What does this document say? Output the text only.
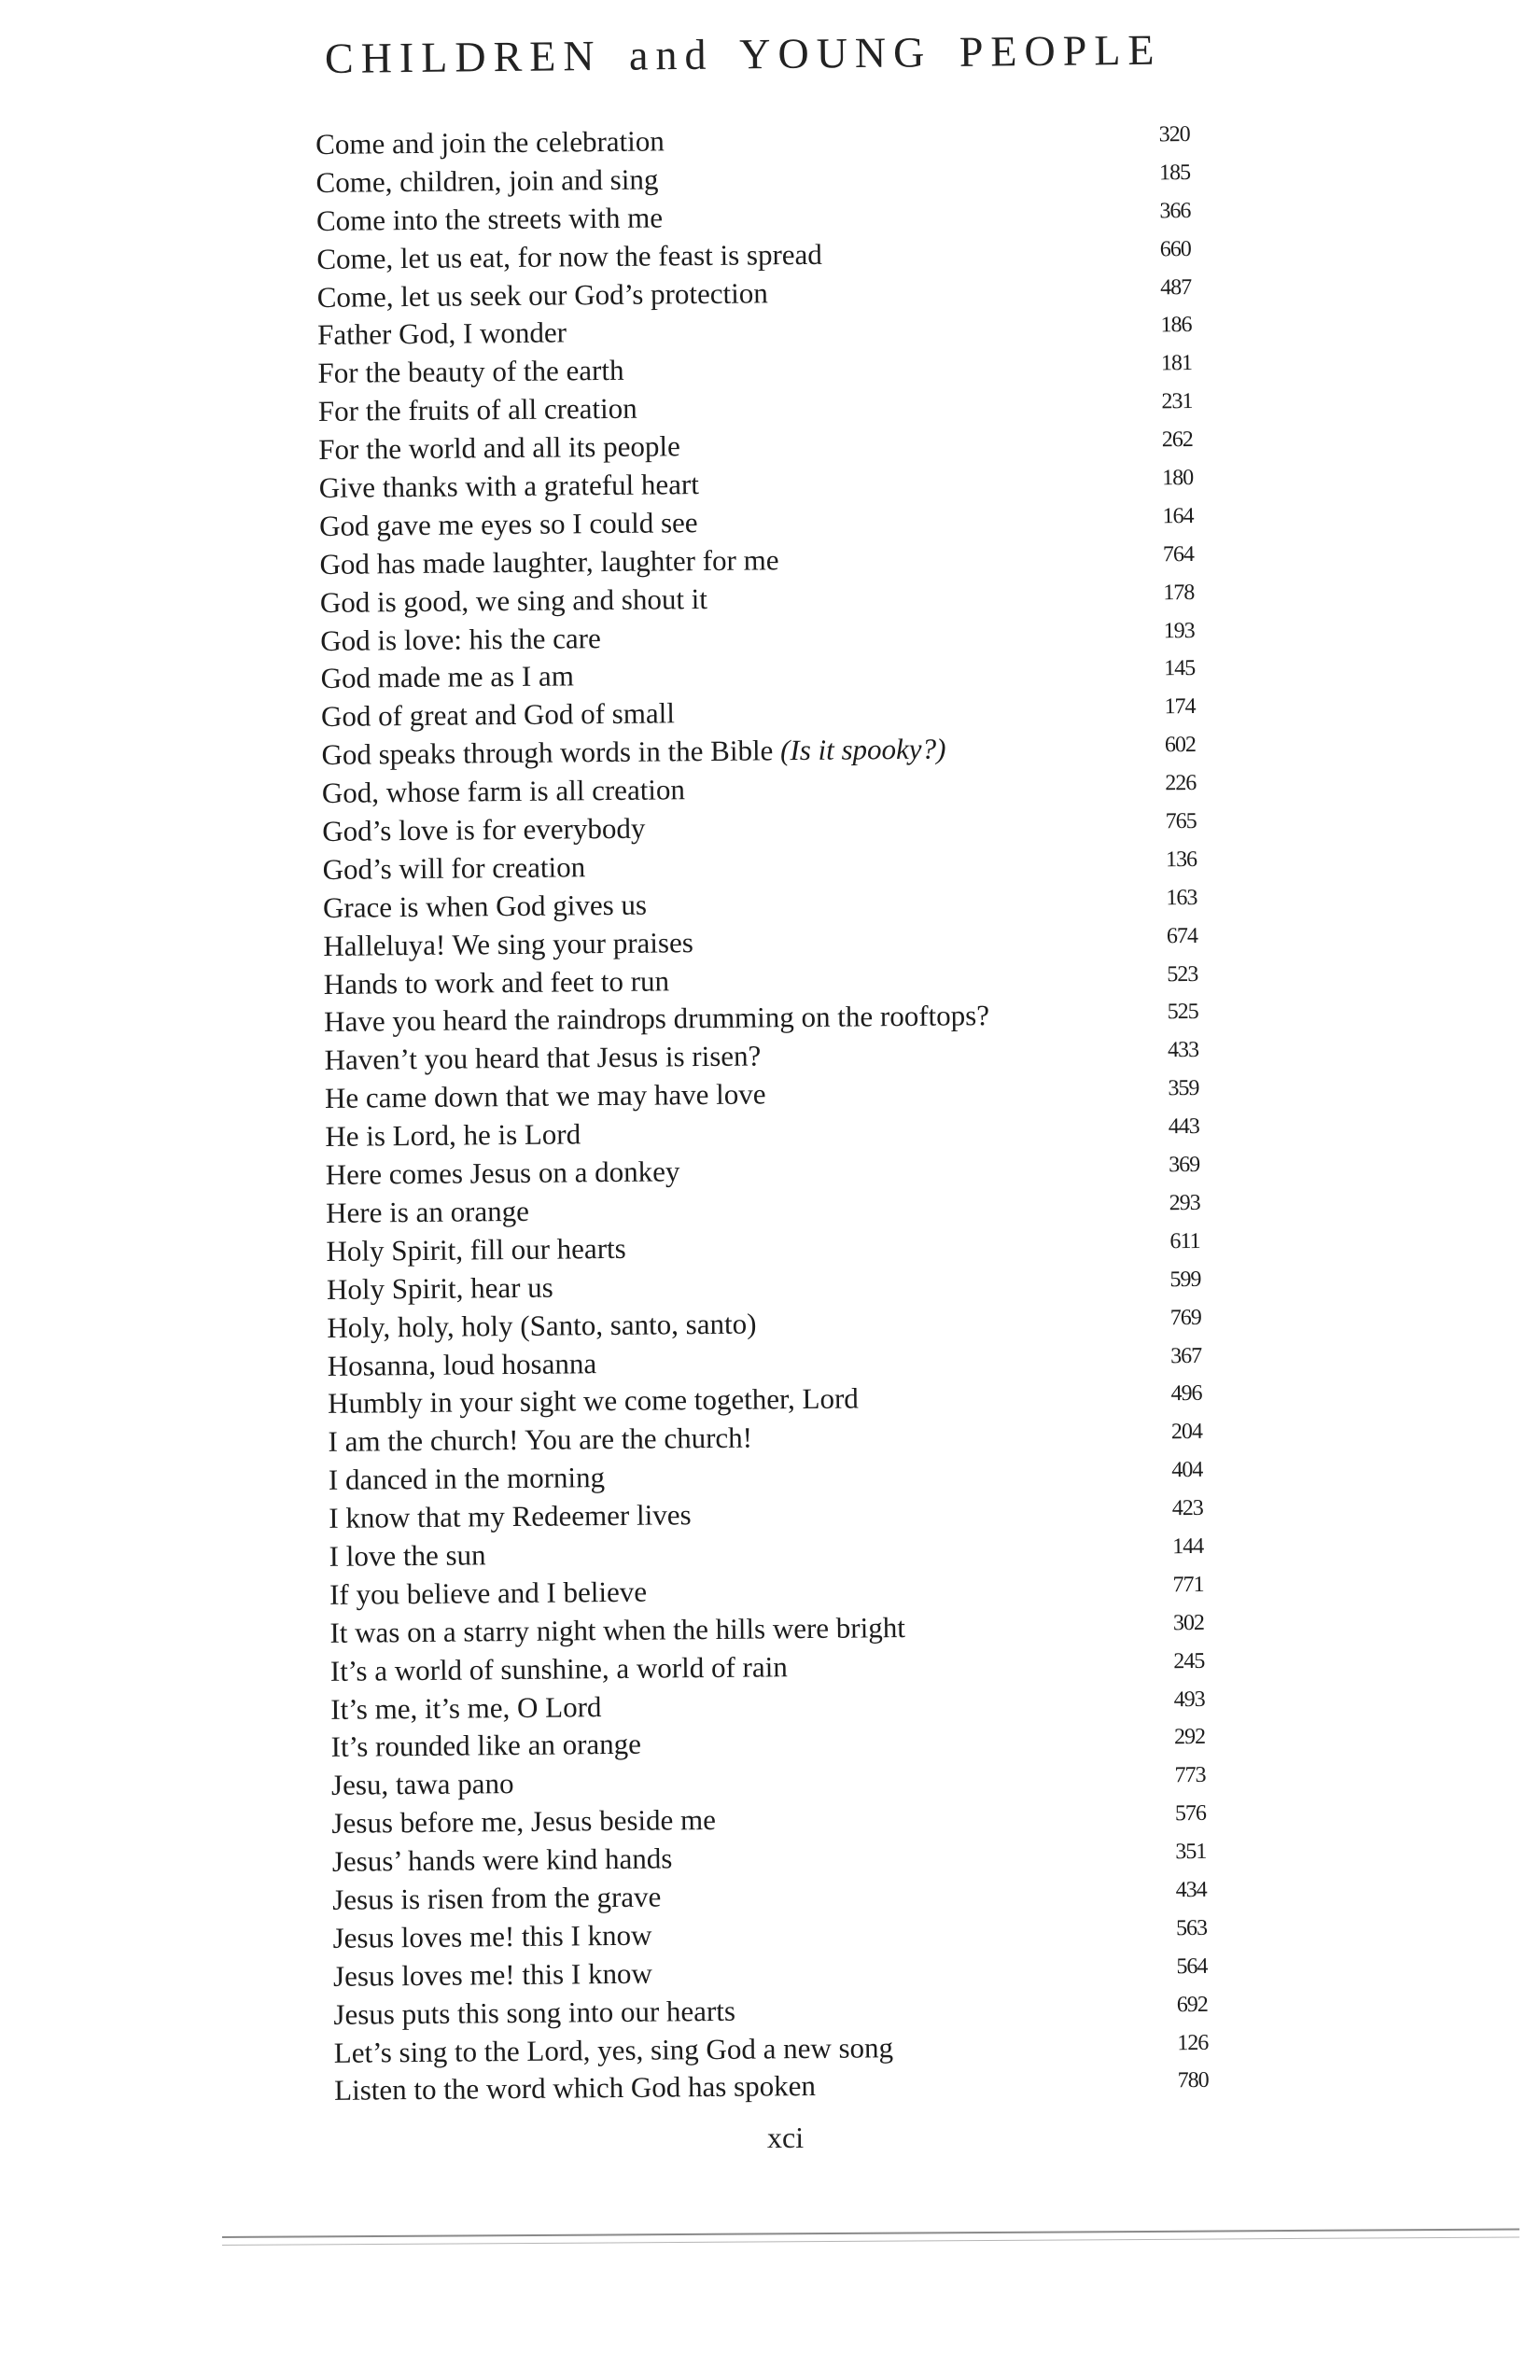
CHILDREN and YOUNG PEOPLE
Come and join the celebration	320
Come, children, join and sing	185
Come into the streets with me	366
Come, let us eat, for now the feast is spread	660
Come, let us seek our God’s protection	487
Father God, I wonder	186
For the beauty of the earth	181
For the fruits of all creation	231
For the world and all its people	262
Give thanks with a grateful heart	180
God gave me eyes so I could see	164
God has made laughter, laughter for me	764
God is good, we sing and shout it	178
God is love: his the care	193
God made me as I am	145
God of great and God of small	174
God speaks through words in the Bible (Is it spooky?)	602
God, whose farm is all creation	226
God’s love is for everybody	765
God’s will for creation	136
Grace is when God gives us	163
Halleluya! We sing your praises	674
Hands to work and feet to run	523
Have you heard the raindrops drumming on the rooftops?	525
Haven’t you heard that Jesus is risen?	433
He came down that we may have love	359
He is Lord, he is Lord	443
Here comes Jesus on a donkey	369
Here is an orange	293
Holy Spirit, fill our hearts	611
Holy Spirit, hear us	599
Holy, holy, holy (Santo, santo, santo)	769
Hosanna, loud hosanna	367
Humbly in your sight we come together, Lord	496
I am the church! You are the church!	204
I danced in the morning	404
I know that my Redeemer lives	423
I love the sun	144
If you believe and I believe	771
It was on a starry night when the hills were bright	302
It’s a world of sunshine, a world of rain	245
It’s me, it’s me, O Lord	493
It’s rounded like an orange	292
Jesu, tawa pano	773
Jesus before me, Jesus beside me	576
Jesus’ hands were kind hands	351
Jesus is risen from the grave	434
Jesus loves me! this I know	563
Jesus loves me! this I know	564
Jesus puts this song into our hearts	692
Let’s sing to the Lord, yes, sing God a new song	126
Listen to the word which God has spoken	780
xci
